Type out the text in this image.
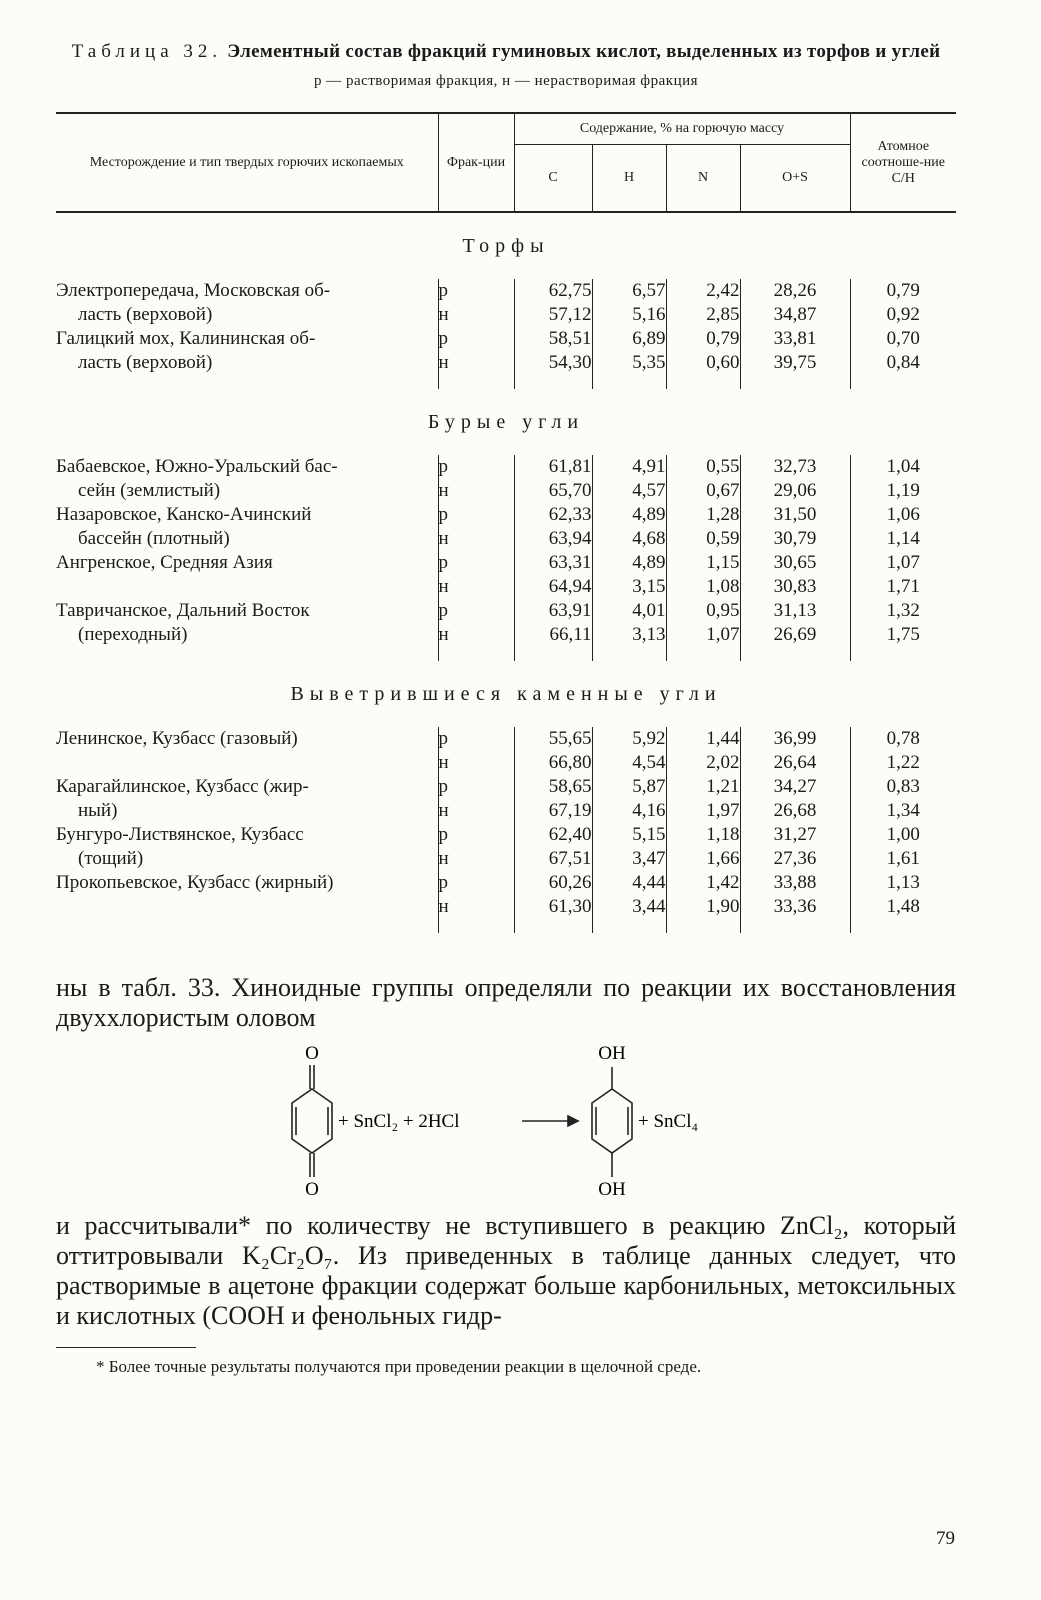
Таблица 32. Элементный состав фракций гуминовых кислот, выделенных из торфов и углей
р — растворимая фракция, н — нерастворимая фракция
Месторождение и тип твердых горючих ископаемых	Фрак-ции	Содержание, % на горючую массу				Атомное соотноше-ние C/H
		C	H	N	O+S	
Торфы						
Электропередача, Московская об-	р	62,75	6,57	2,42	28,26	0,79

ласть (верховой)	н	57,12	5,16	2,85	34,87	0,92
Галицкий мох, Калининская об-	р	58,51	6,89	0,79	33,81	0,70

ласть (верховой)	н	54,30	5,35	0,60	39,75	0,84

Бурые угли						
Бабаевское, Южно-Уральский бас-	р	61,81	4,91	0,55	32,73	1,04

сейн (землистый)	н	65,70	4,57	0,67	29,06	1,19
Назаровское, Канско-Ачинский	р	62,33	4,89	1,28	31,50	1,06

бассейн (плотный)	н	63,94	4,68	0,59	30,79	1,14
Ангренское, Средняя Азия	р	63,31	4,89	1,15	30,65	1,07

	н	64,94	3,15	1,08	30,83	1,71
Тавричанское, Дальний Восток	р	63,91	4,01	0,95	31,13	1,32

(переходный)	н	66,11	3,13	1,07	26,69	1,75

Выветрившиеся каменные угли						
Ленинское, Кузбасс (газовый)	р	55,65	5,92	1,44	36,99	0,78

	н	66,80	4,54	2,02	26,64	1,22
Карагайлинское, Кузбасс (жир-	р	58,65	5,87	1,21	34,27	0,83

ный)	н	67,19	4,16	1,97	26,68	1,34
Бунгуро-Листвянское, Кузбасс	р	62,40	5,15	1,18	31,27	1,00

(тощий)	н	67,51	3,47	1,66	27,36	1,61
Прокопьевское, Кузбасс (жирный)	р	60,26	4,44	1,42	33,88	1,13

	н	61,30	3,44	1,90	33,36	1,48

ны в табл. 33. Хиноидные группы определяли по реакции их восстановления двуххлористым оловом
O
O
+ SnCl₂ + 2HCl
OH
OH
+ SnCl₄
и рассчитывали* по количеству не вступившего в реакцию ZnCl₂, который оттитровывали K₂Cr₂O₇. Из приведенных в таблице данных следует, что растворимые в ацетоне фракции содержат больше карбонильных, метоксильных и кислотных (COOH и фенольных гидр-
* Более точные результаты получаются при проведении реакции в щелочной среде.
79
